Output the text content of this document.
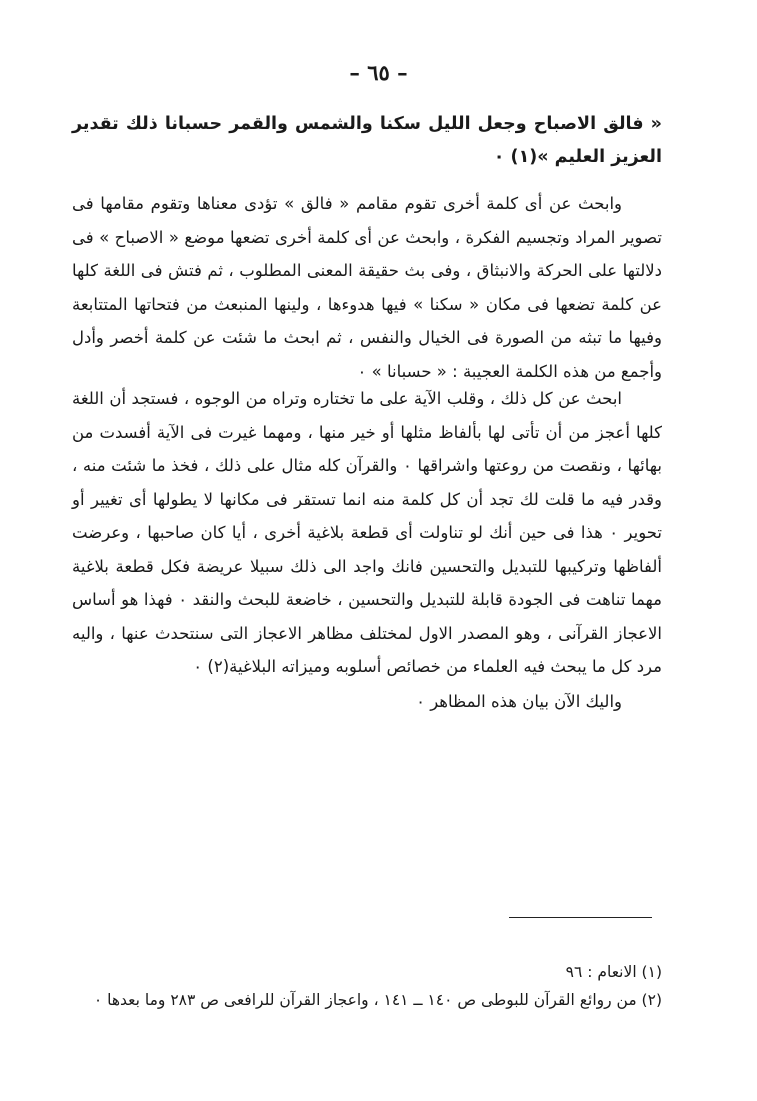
– ٦٥ –
« فالق الاصباح وجعل الليل سكنا والشمس والقمر حسبانا ذلك تقدير العزيز العليم »(١) ٠
وابحث عن أى كلمة أخرى تقوم مقامم « فالق » تؤدى معناها وتقوم مقامها فى تصوير المراد وتجسيم الفكرة ، وابحث عن أى كلمة أخرى تضعها موضع « الاصباح » فى دلالتها على الحركة والانبثاق ، وفى بث حقيقة المعنى المطلوب ، ثم فتش فى اللغة كلها عن كلمة تضعها فى مكان « سكنا » فيها هدوءها ، ولينها المنبعث من فتحاتها المتتابعة وفيها ما تبثه من الصورة فى الخيال والنفس ، ثم ابحث ما شئت عن كلمة أخصر وأدل وأجمع من هذه الكلمة العجيبة : « حسبانا » ٠
ابحث عن كل ذلك ، وقلب الآية على ما تختاره وتراه من الوجوه ، فستجد أن اللغة كلها أعجز من أن تأتى لها بألفاظ مثلها أو خير منها ، ومهما غيرت فى الآية أفسدت من بهائها ، ونقصت من روعتها واشراقها ٠ والقرآن كله مثال على ذلك ، فخذ ما شئت منه ، وقدر فيه ما قلت لك تجد أن كل كلمة منه انما تستقر فى مكانها لا يطولها أى تغيير أو تحوير ٠ هذا فى حين أنك لو تناولت أى قطعة بلاغية أخرى ، أيا كان صاحبها ، وعرضت ألفاظها وتركيبها للتبديل والتحسين فانك واجد الى ذلك سبيلا عريضة فكل قطعة بلاغية مهما تناهت فى الجودة قابلة للتبديل والتحسين ، خاضعة للبحث والنقد ٠ فهذا هو أساس الاعجاز القرآنى ، وهو المصدر الاول لمختلف مظاهر الاعجاز التى سنتحدث عنها ، واليه مرد كل ما يبحث فيه العلماء من خصائص أسلوبه وميزاته البلاغية(٢) ٠
واليك الآن بيان هذه المظاهر ٠
(١) الانعام : ٩٦
(٢) من روائع القرآن للبوطى ص ١٤٠ ــ ١٤١ ، واعجاز القرآن للرافعى ص ٢٨٣ وما بعدها ٠
